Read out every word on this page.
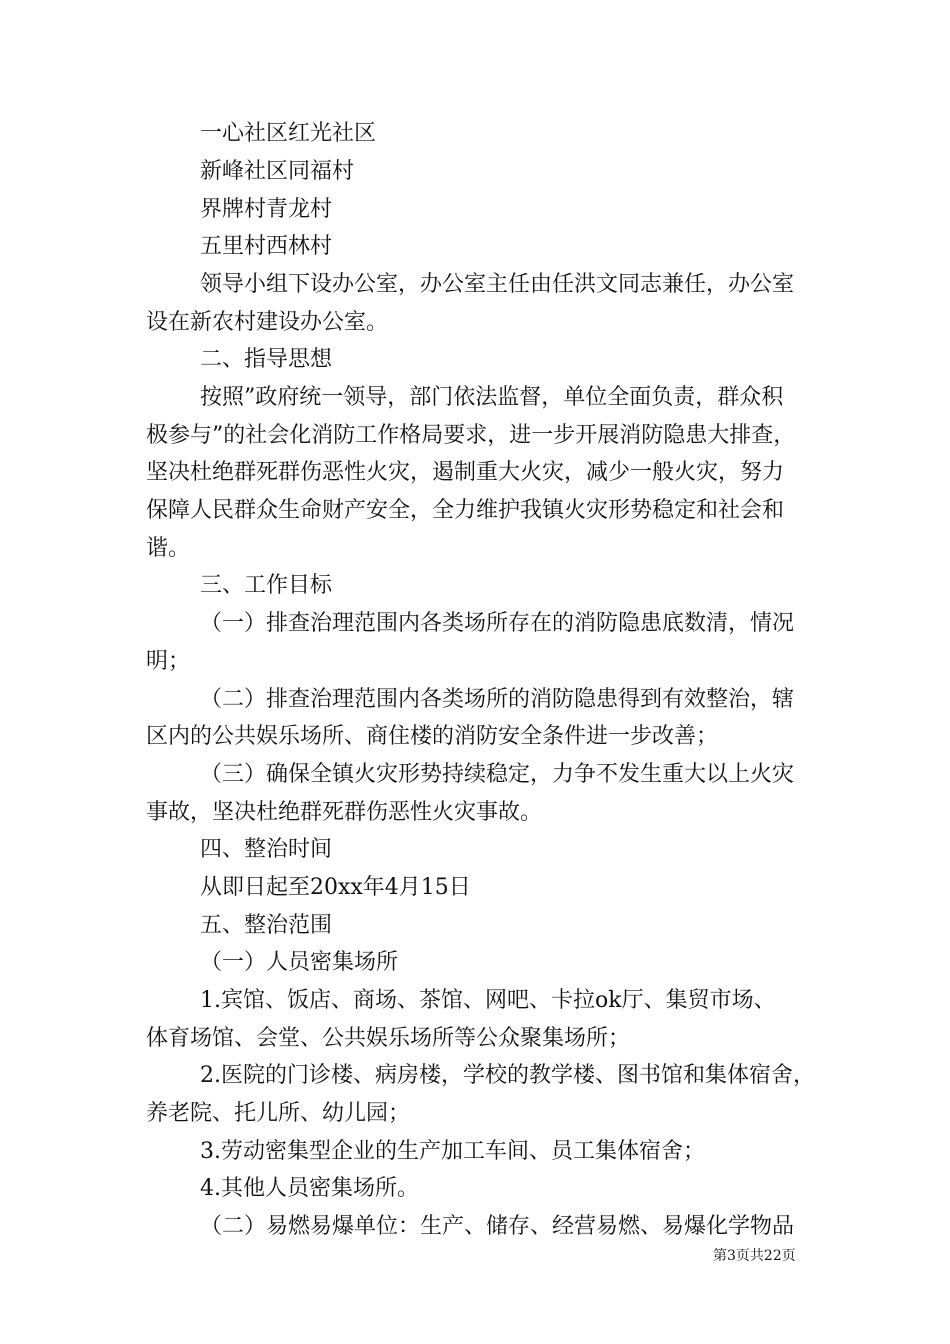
一心社区红光社区
新峰社区同福村
界牌村青龙村
五里村西林村
领导小组下设办公室，办公室主任由任洪文同志兼任，办公室
设在新农村建设办公室。
二、指导思想
按照”政府统一领导，部门依法监督，单位全面负责，群众积
极参与”的社会化消防工作格局要求，进一步开展消防隐患大排查，
坚决杜绝群死群伤恶性火灾，遏制重大火灾，减少一般火灾，努力
保障人民群众生命财产安全，全力维护我镇火灾形势稳定和社会和
谐。
三、工作目标
（一）排查治理范围内各类场所存在的消防隐患底数清，情况
明；
（二）排查治理范围内各类场所的消防隐患得到有效整治，辖
区内的公共娱乐场所、商住楼的消防安全条件进一步改善；
（三）确保全镇火灾形势持续稳定，力争不发生重大以上火灾
事故，坚决杜绝群死群伤恶性火灾事故。
四、整治时间
从即日起至20xx年4月15日
五、整治范围
（一）人员密集场所
1.宾馆、饭店、商场、茶馆、网吧、卡拉ok厅、集贸市场、
体育场馆、会堂、公共娱乐场所等公众聚集场所；
2.医院的门诊楼、病房楼，学校的教学楼、图书馆和集体宿舍，
养老院、托儿所、幼儿园；
3.劳动密集型企业的生产加工车间、员工集体宿舍；
4.其他人员密集场所。
（二）易燃易爆单位：生产、储存、经营易燃、易爆化学物品
第3页共22页
